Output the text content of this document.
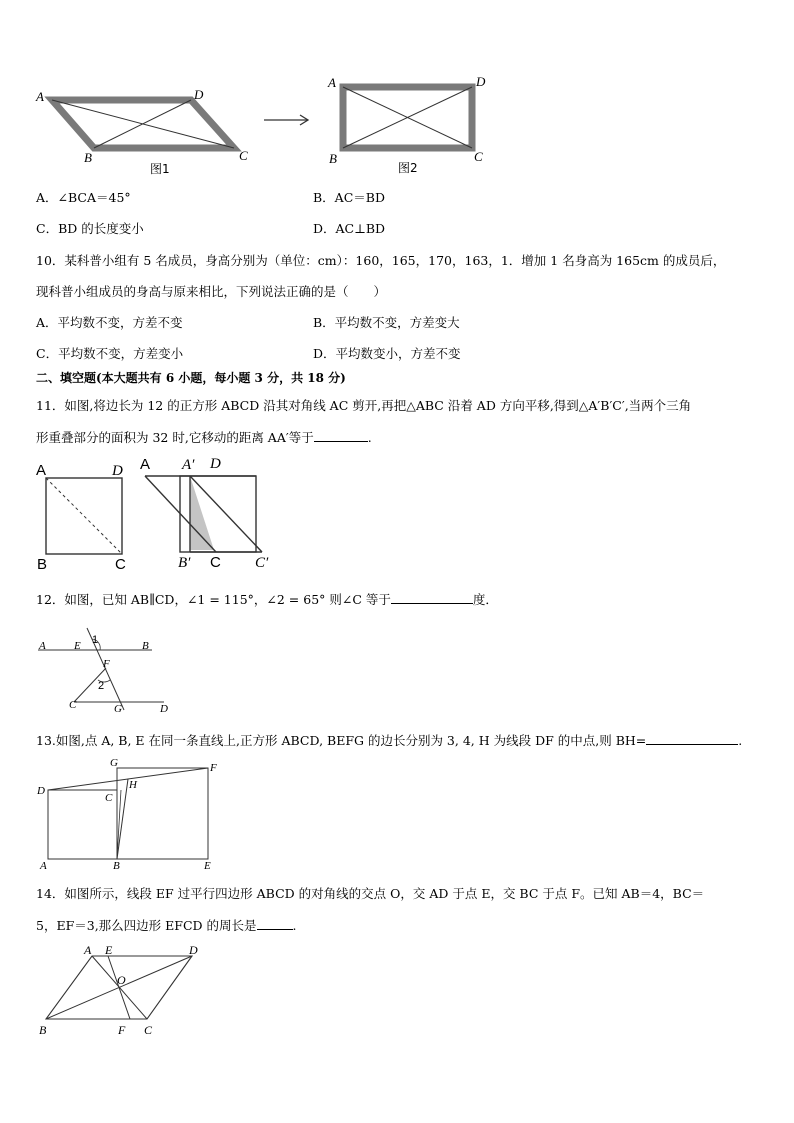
A	D
B	C
图1
A	D
B	C
图2
A．∠BCA＝45°	B．AC＝BD
C．BD 的长度变小	D．AC⊥BD
10．某科普小组有 5 名成员，身高分别为（单位：cm）：160，165，170，163，1．增加 1 名身高为 165cm 的成员后，
现科普小组成员的身高与原来相比，下列说法正确的是（　　）
A．平均数不变，方差不变	B．平均数不变，方差变大
C．平均数不变，方差变小	D．平均数变小，方差不变
二、填空题(本大题共有 6 小题，每小题 3 分，共 18 分)
11．如图,将边长为 12 的正方形 ABCD 沿其对角线 AC 剪开,再把△ABC 沿着 AD 方向平移,得到△A′B′C′,当两个三角
形重叠部分的面积为 32 时,它移动的距离 AA′等于	.
A	D
B	C
A A′ D
B′ C C′
12．如图，已知 AB∥CD，∠1 = 115°，∠2 = 65° 则∠C 等于	度．
A	E 1	B
F
2
C	G	D
13.如图,点 A, B, E 在同一条直线上,正方形 ABCD, BEFG 的边长分别为 3, 4, H 为线段 DF 的中点,则 BH=	.
G	F
D
C
H
A	B	E
14．如图所示，线段 EF 过平行四边形 ABCD 的对角线的交点 O，交 AD 于点 E，交 BC 于点 F。已知 AB＝4，BC＝
5，EF＝3,那么四边形 EFCD 的周长是	.
A E	D
O
B	F C
